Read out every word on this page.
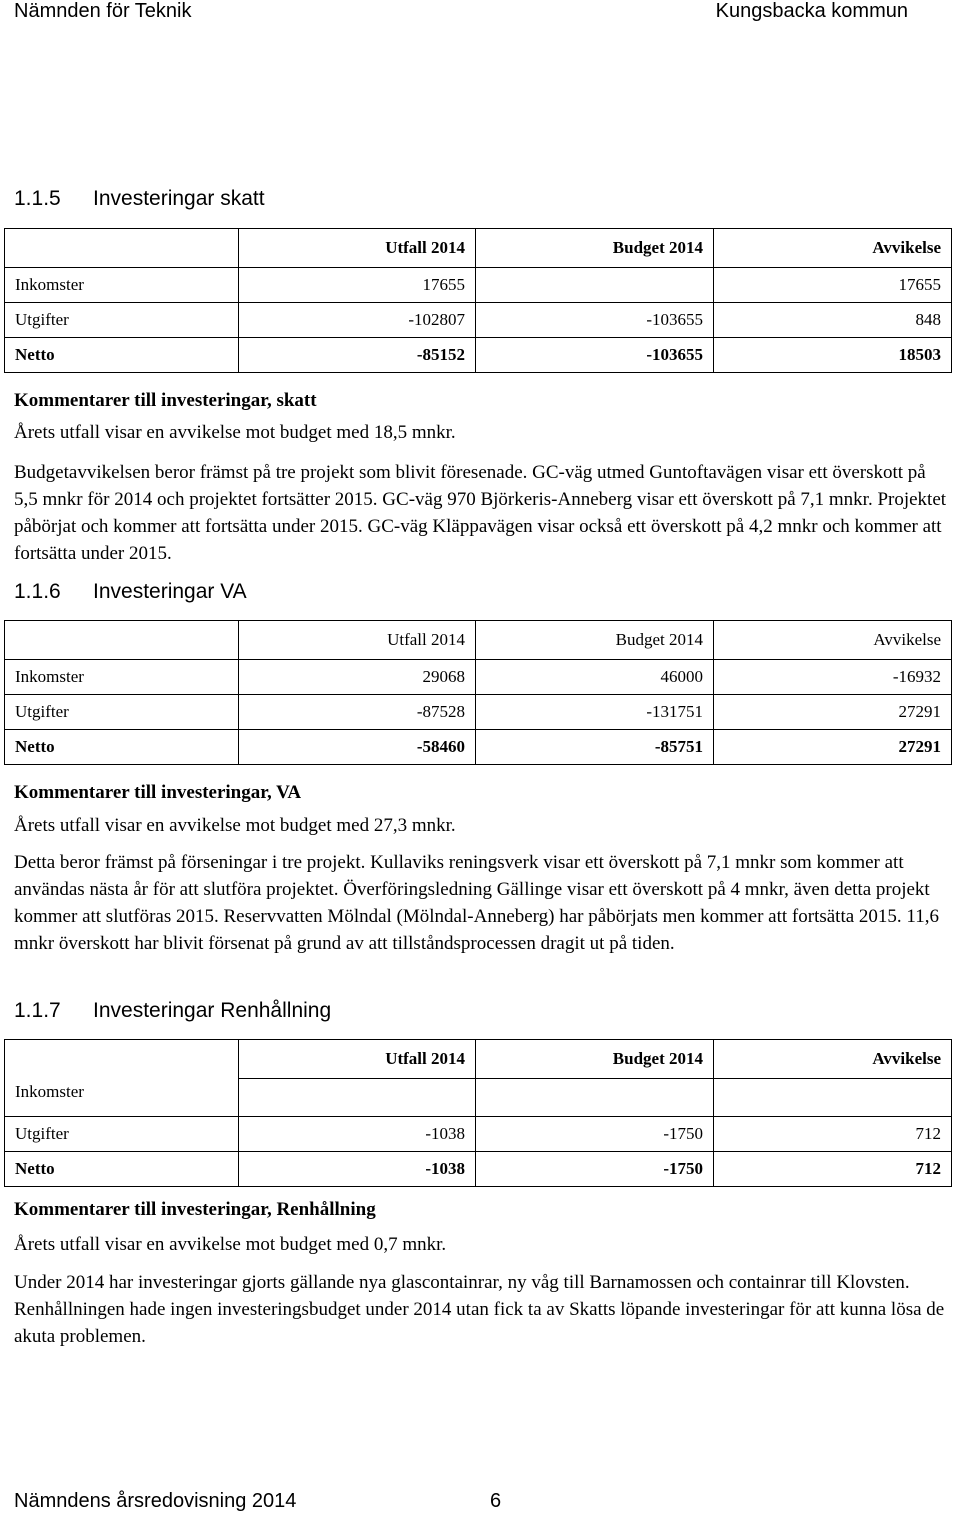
Nämnden för Teknik	Kungsbacka kommun
1.1.5 Investeringar skatt
	Utfall 2014	Budget 2014	Avvikelse
Inkomster	17655		17655
Utgifter	-102807	-103655	848
Netto	-85152	-103655	18503
Kommentarer till investeringar, skatt

Årets utfall visar en avvikelse mot budget med 18,5 mnkr.

Budgetavvikelsen beror främst på tre projekt som blivit föresenade. GC-väg utmed Guntoftavägen visar ett överskott på 5,5 mnkr för 2014 och projektet fortsätter 2015. GC-väg 970 Björkeris-Anneberg visar ett överskott på 7,1 mnkr. Projektet påbörjat och kommer att fortsätta under 2015. GC-väg Kläppavägen visar också ett överskott på 4,2 mnkr och kommer att fortsätta under 2015.

1.1.6 Investeringar VA
	Utfall 2014	Budget 2014	Avvikelse
Inkomster	29068	46000	-16932
Utgifter	-87528	-131751	27291
Netto	-58460	-85751	27291
Kommentarer till investeringar, VA

Årets utfall visar en avvikelse mot budget med 27,3 mnkr.

Detta beror främst på förseningar i tre projekt. Kullaviks reningsverk visar ett överskott på 7,1 mnkr som kommer att användas nästa år för att slutföra projektet. Överföringsledning Gällinge visar ett överskott på 4 mnkr, även detta projekt kommer att slutföras 2015. Reservvatten Mölndal (Mölndal-Anneberg) har påbörjats men kommer att fortsätta 2015. 11,6 mnkr överskott har blivit försenat på grund av att tillståndsprocessen dragit ut på tiden.

1.1.7 Investeringar Renhållning
	Utfall 2014	Budget 2014	Avvikelse
Inkomster			
Utgifter	-1038	-1750	712
Netto	-1038	-1750	712
Kommentarer till investeringar, Renhållning

Årets utfall visar en avvikelse mot budget med 0,7 mnkr.

Under 2014 har investeringar gjorts gällande nya glascontainrar, ny våg till Barnamossen och containrar till Klovsten. Renhållningen hade ingen investeringsbudget under 2014 utan fick ta av Skatts löpande investeringar för att kunna lösa de akuta problemen.

Nämndens årsredovisning 2014	6
